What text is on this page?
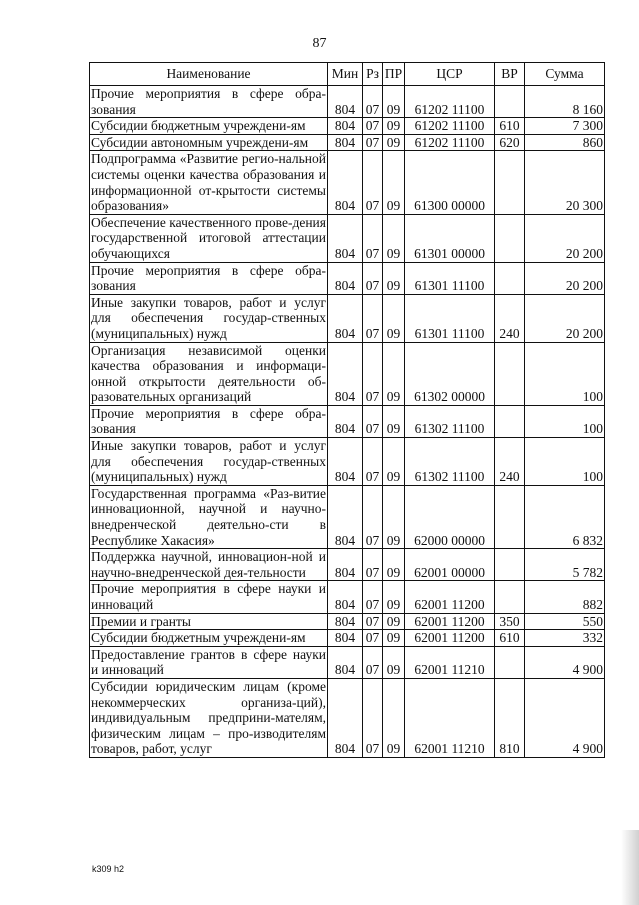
87
Наименование	Мин	Рз	ПР	ЦСР	ВР	Сумма
Прочие мероприятия в сфере обра-зования	804	07	09	61202 11100		8 160
Субсидии бюджетным учреждени-ям	804	07	09	61202 11100	610	7 300
Субсидии автономным учреждени-ям	804	07	09	61202 11100	620	860
Подпрограмма «Развитие регио-нальной системы оценки качества образования и информационной от-крытости системы образования»	804	07	09	61300 00000		20 300
Обеспечение качественного прове-дения государственной итоговой аттестации обучающихся	804	07	09	61301 00000		20 200
Прочие мероприятия в сфере обра-зования	804	07	09	61301 11100		20 200
Иные закупки товаров, работ и услуг для обеспечения государ-ственных (муниципальных) нужд	804	07	09	61301 11100	240	20 200
Организация независимой оценки качества образования и информаци-онной открытости деятельности об-разовательных организаций	804	07	09	61302 00000		100
Прочие мероприятия в сфере обра-зования	804	07	09	61302 11100		100
Иные закупки товаров, работ и услуг для обеспечения государ-ственных (муниципальных) нужд	804	07	09	61302 11100	240	100
Государственная программа «Раз-витие инновационной, научной и научно-внедренческой деятельно-сти в Республике Хакасия»	804	07	09	62000 00000		6 832
Поддержка научной, инновацион-ной и научно-внедренческой дея-тельности	804	07	09	62001 00000		5 782
Прочие мероприятия в сфере науки и инноваций	804	07	09	62001 11200		882
Премии и гранты	804	07	09	62001 11200	350	550
Субсидии бюджетным учреждени-ям	804	07	09	62001 11200	610	332
Предоставление грантов в сфере науки и инноваций	804	07	09	62001 11210		4 900
Субсидии юридическим лицам (кроме некоммерческих организа-ций), индивидуальным предприни-мателям, физическим лицам – про-изводителям товаров, работ, услуг	804	07	09	62001 11210	810	4 900
k309 h2
